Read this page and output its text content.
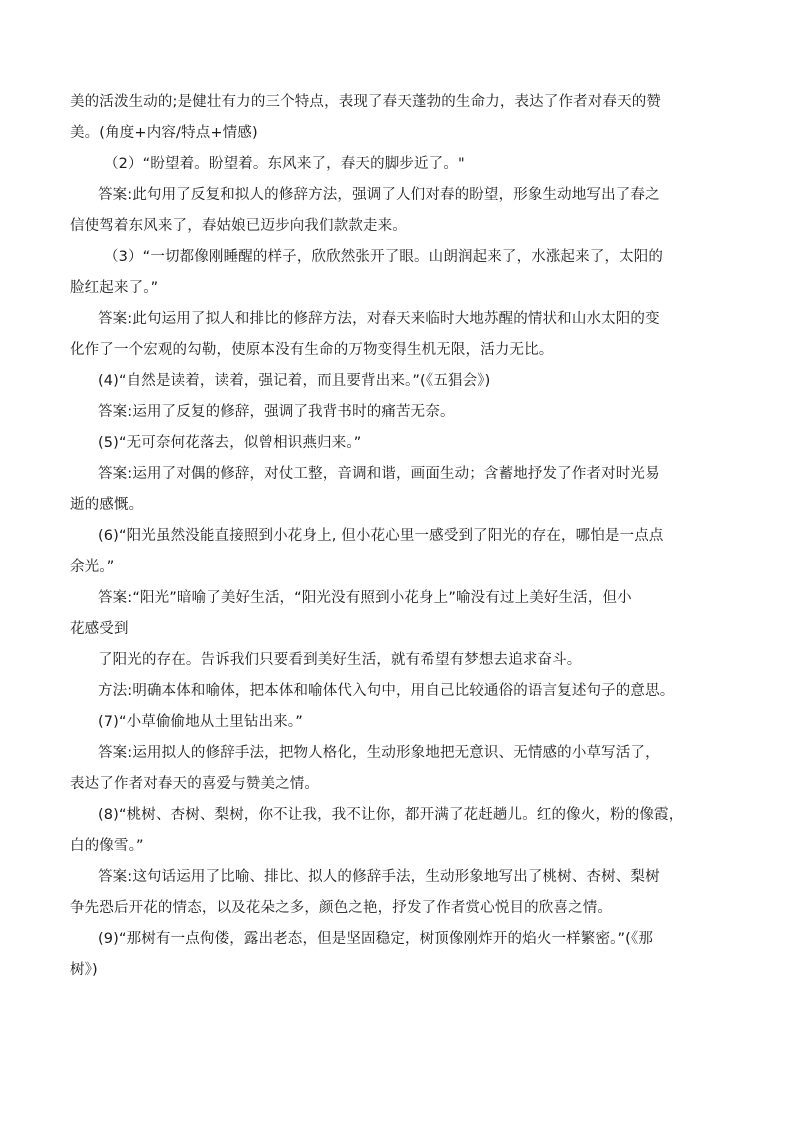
美的活泼生动的;是健壮有力的三个特点，表现了春天蓬勃的生命力，表达了作者对春天的赞
美。(角度+内容/特点+情感)
（2）“盼望着。盼望着。东风来了，春天的脚步近了。"
答案:此句用了反复和拟人的修辞方法，强调了人们对春的盼望，形象生动地写出了春之
信使驾着东风来了，春姑娘已迈步向我们款款走来。
（3）“一切都像刚睡醒的样子，欣欣然张开了眼。山朗润起来了，水涨起来了，太阳的
脸红起来了。”
答案:此句运用了拟人和排比的修辞方法，对春天来临时大地苏醒的情状和山水太阳的变
化作了一个宏观的勾勒，使原本没有生命的万物变得生机无限，活力无比。
(4)“自然是读着，读着，强记着，而且要背出来。”(《五猖会》)
答案:运用了反复的修辞，强调了我背书时的痛苦无奈。
(5)“无可奈何花落去，似曾相识燕归来。”
答案:运用了对偶的修辞，对仗工整，音调和谐，画面生动；含蓄地抒发了作者对时光易
逝的感慨。
(6)“阳光虽然没能直接照到小花身上, 但小花心里一感受到了阳光的存在，哪怕是一点点
余光。”
答案:“阳光”暗喻了美好生活，“阳光没有照到小花身上”喻没有过上美好生活，但小
花感受到
了阳光的存在。告诉我们只要看到美好生活，就有希望有梦想去追求奋斗。
方法:明确本体和喻体，把本体和喻体代入句中，用自己比较通俗的语言复述句子的意思。
(7)“小草偷偷地从土里钻出来。”
答案:运用拟人的修辞手法，把物人格化，生动形象地把无意识、无情感的小草写活了，
表达了作者对春天的喜爱与赞美之情。
(8)“桃树、杏树、梨树，你不让我，我不让你，都开满了花赶趟儿。红的像火，粉的像霞，
白的像雪。”
答案:这句话运用了比喻、排比、拟人的修辞手法，生动形象地写出了桃树、杏树、梨树
争先恐后开花的情态，以及花朵之多，颜色之艳，抒发了作者赏心悦目的欣喜之情。
(9)“那树有一点佝偻，露出老态，但是坚固稳定，树顶像刚炸开的焰火一样繁密。”(《那
树》)
